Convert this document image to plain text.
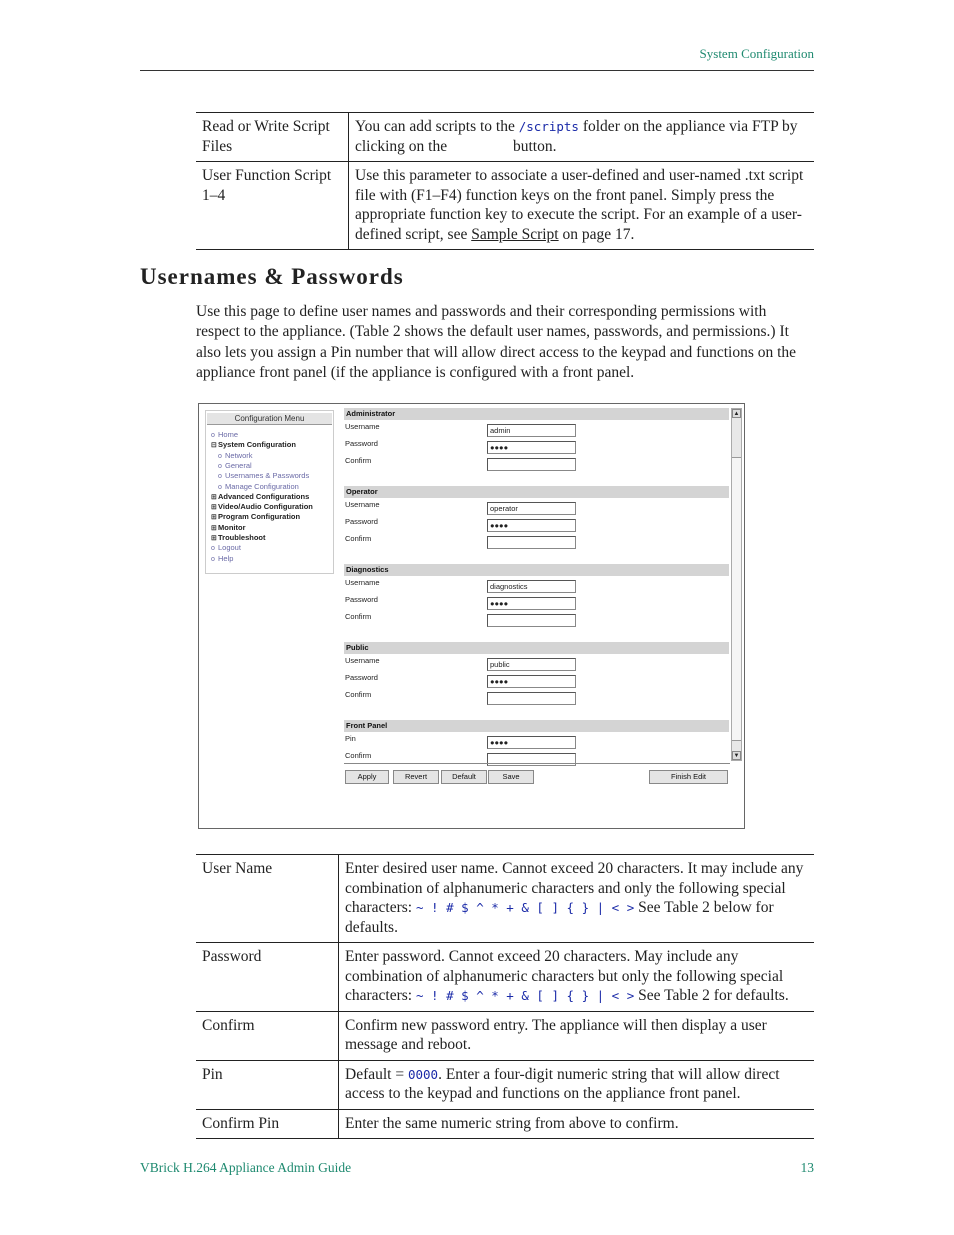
System Configuration
Read or Write Script Files	You can add scripts to the /scripts folder on the appliance via FTP by clicking on the button.
User Function Script 1–4	Use this parameter to associate a user-defined and user-named .txt script file with (F1–F4) function keys on the front panel. Simply press the appropriate function key to execute the script. For an example of a user-defined script, see Sample Script on page 17.
Usernames & Passwords
Use this page to define user names and passwords and their corresponding permissions with respect to the appliance. (Table 2 shows the default user names, passwords, and permissions.) It also lets you assign a Pin number that will allow direct access to the keypad and functions on the appliance front panel (if the appliance is configured with a front panel.
Configuration Menu
o Home
⊟System Configuration
o Network
o General
o Usernames & Passwords
o Manage Configuration
⊞Advanced Configurations
⊞Video/Audio Configuration
⊞Program Configuration
⊞Monitor
⊞Troubleshoot
o Logout
o Help
Administrator
Username	admin
Password	●●●●
Confirm
Operator
Username	operator
Password	●●●●
Confirm
Diagnostics
Username	diagnostics
Password	●●●●
Confirm
Public
Username	public
Password	●●●●
Confirm
Front Panel
Pin	●●●●
Confirm
▲
▼
Apply	Revert	Default	Save	Finish Edit
User Name	Enter desired user name. Cannot exceed 20 characters. It may include any combination of alphanumeric characters and only the following special characters: ~ ! # $ ^ * + & [ ] { } | < > See Table 2 below for defaults.
Password	Enter password. Cannot exceed 20 characters. May include any combination of alphanumeric characters but only the following special characters: ~ ! # $ ^ * + & [ ] { } | < > See Table 2 for defaults.
Confirm	Confirm new password entry. The appliance will then display a user message and reboot.
Pin	Default = 0000. Enter a four-digit numeric string that will allow direct access to the keypad and functions on the appliance front panel.
Confirm Pin	Enter the same numeric string from above to confirm.
VBrick H.264 Appliance Admin Guide	13
